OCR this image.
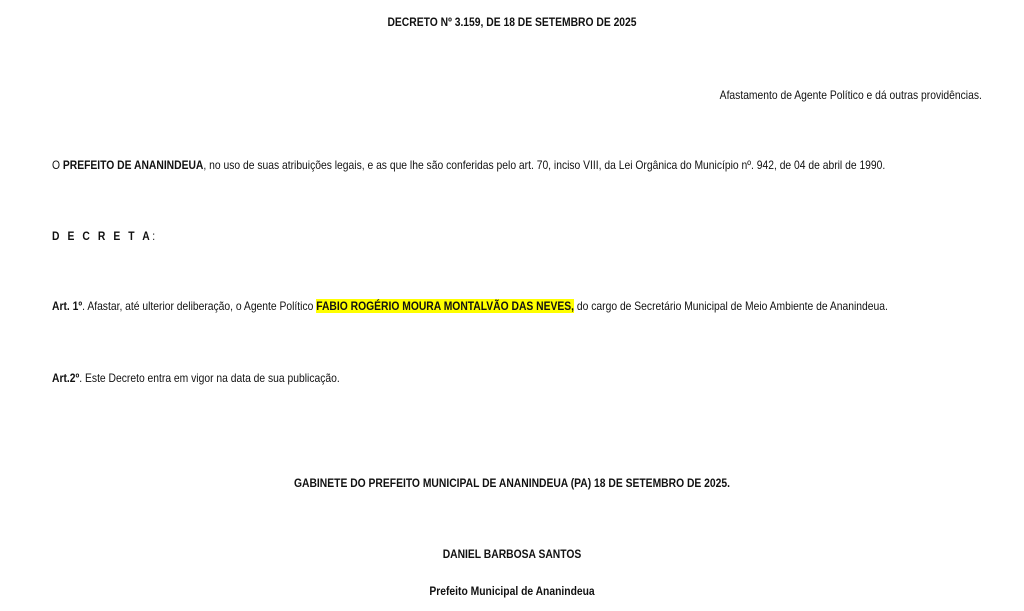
DECRETO Nº 3.159, DE 18 DE SETEMBRO DE 2025
Afastamento de Agente Político e dá outras providências.
O PREFEITO DE ANANINDEUA, no uso de suas atribuições legais, e as que lhe são conferidas pelo art. 70, inciso VIII, da Lei Orgânica do Município nº. 942, de 04 de abril de 1990.
D E C R E T A:
Art. 1º. Afastar, até ulterior deliberação, o Agente Político FABIO ROGÉRIO MOURA MONTALVÃO DAS NEVES, do cargo de Secretário Municipal de Meio Ambiente de Ananindeua.
Art.2º. Este Decreto entra em vigor na data de sua publicação.
GABINETE DO PREFEITO MUNICIPAL DE ANANINDEUA (PA) 18 DE SETEMBRO DE 2025.
DANIEL BARBOSA SANTOS
Prefeito Municipal de Ananindeua
